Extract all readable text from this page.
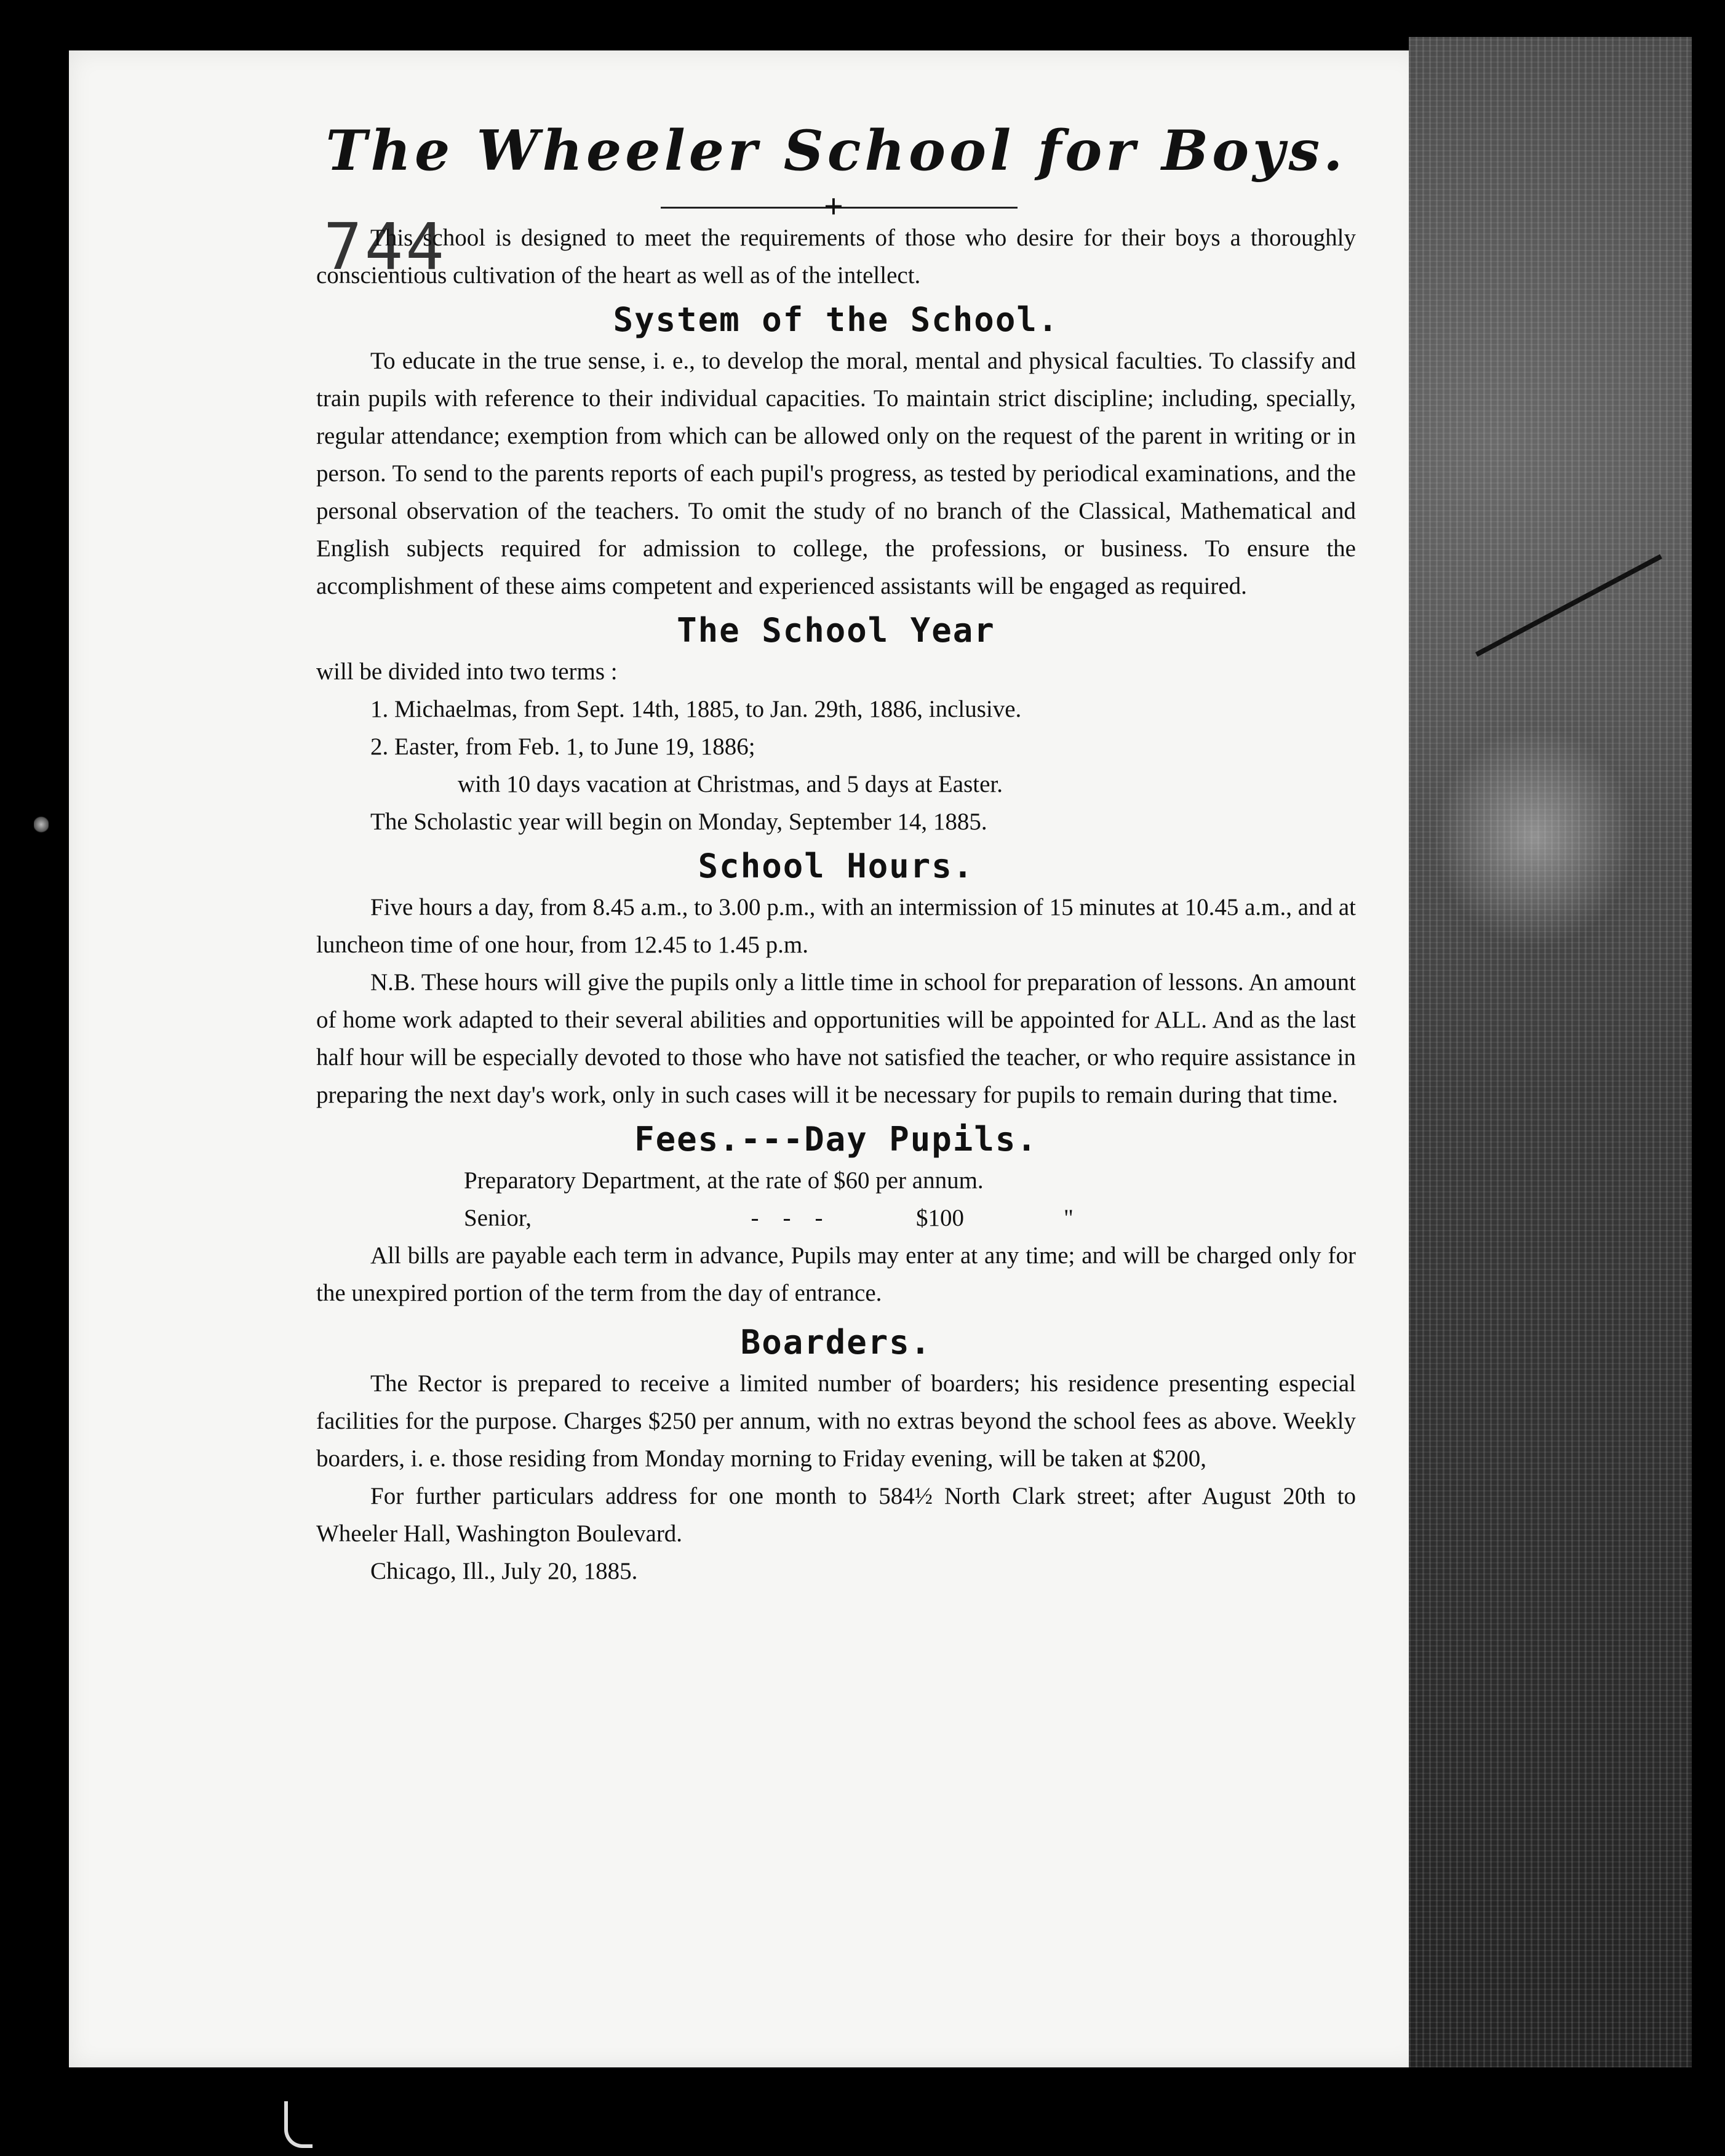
744
The Wheeler School for Boys.
+

This school is designed to meet the requirements of those who desire for their boys a thoroughly conscientious cultivation of the heart as well as of the intellect.

System of the School.

To educate in the true sense, i. e., to develop the moral, mental and physical faculties. To classify and train pupils with reference to their individual capacities. To maintain strict discipline; including, specially, regular attendance; exemption from which can be allowed only on the request of the parent in writing or in person. To send to the parents reports of each pupil's progress, as tested by periodical examinations, and the personal observation of the teachers. To omit the study of no branch of the Classical, Mathematical and English subjects required for admission to college, the professions, or business. To ensure the accomplishment of these aims competent and experienced assistants will be engaged as required.

The School Year
will be divided into two terms :
1. Michaelmas, from Sept. 14th, 1885, to Jan. 29th, 1886, inclusive.
2. Easter, from Feb. 1, to June 19, 1886;
with 10 days vacation at Christmas, and 5 days at Easter.
The Scholastic year will begin on Monday, September 14, 1885.
School Hours.

Five hours a day, from 8.45 a.m., to 3.00 p.m., with an intermission of 15 minutes at 10.45 a.m., and at luncheon time of one hour, from 12.45 to 1.45 p.m.

N.B. These hours will give the pupils only a little time in school for preparation of lessons. An amount of home work adapted to their several abilities and opportunities will be appointed for ALL. And as the last half hour will be especially devoted to those who have not satisfied the teacher, or who require assistance in preparing the next day's work, only in such cases will it be necessary for pupils to remain during that time.

Fees.---Day Pupils.
Preparatory Department, at the rate of $60 per annum.
Senior,	-    -    -	$100	"

All bills are payable each term in advance, Pupils may enter at any time; and will be charged only for the unexpired portion of the term from the day of entrance.

Boarders.

The Rector is prepared to receive a limited number of boarders; his residence presenting especial facilities for the purpose. Charges $250 per annum, with no extras beyond the school fees as above. Weekly boarders, i. e. those residing from Monday morning to Friday evening, will be taken at $200,

For further particulars address for one month to 584½ North Clark street; after August 20th to Wheeler Hall, Washington Boulevard.

Chicago, Ill., July 20, 1885.
